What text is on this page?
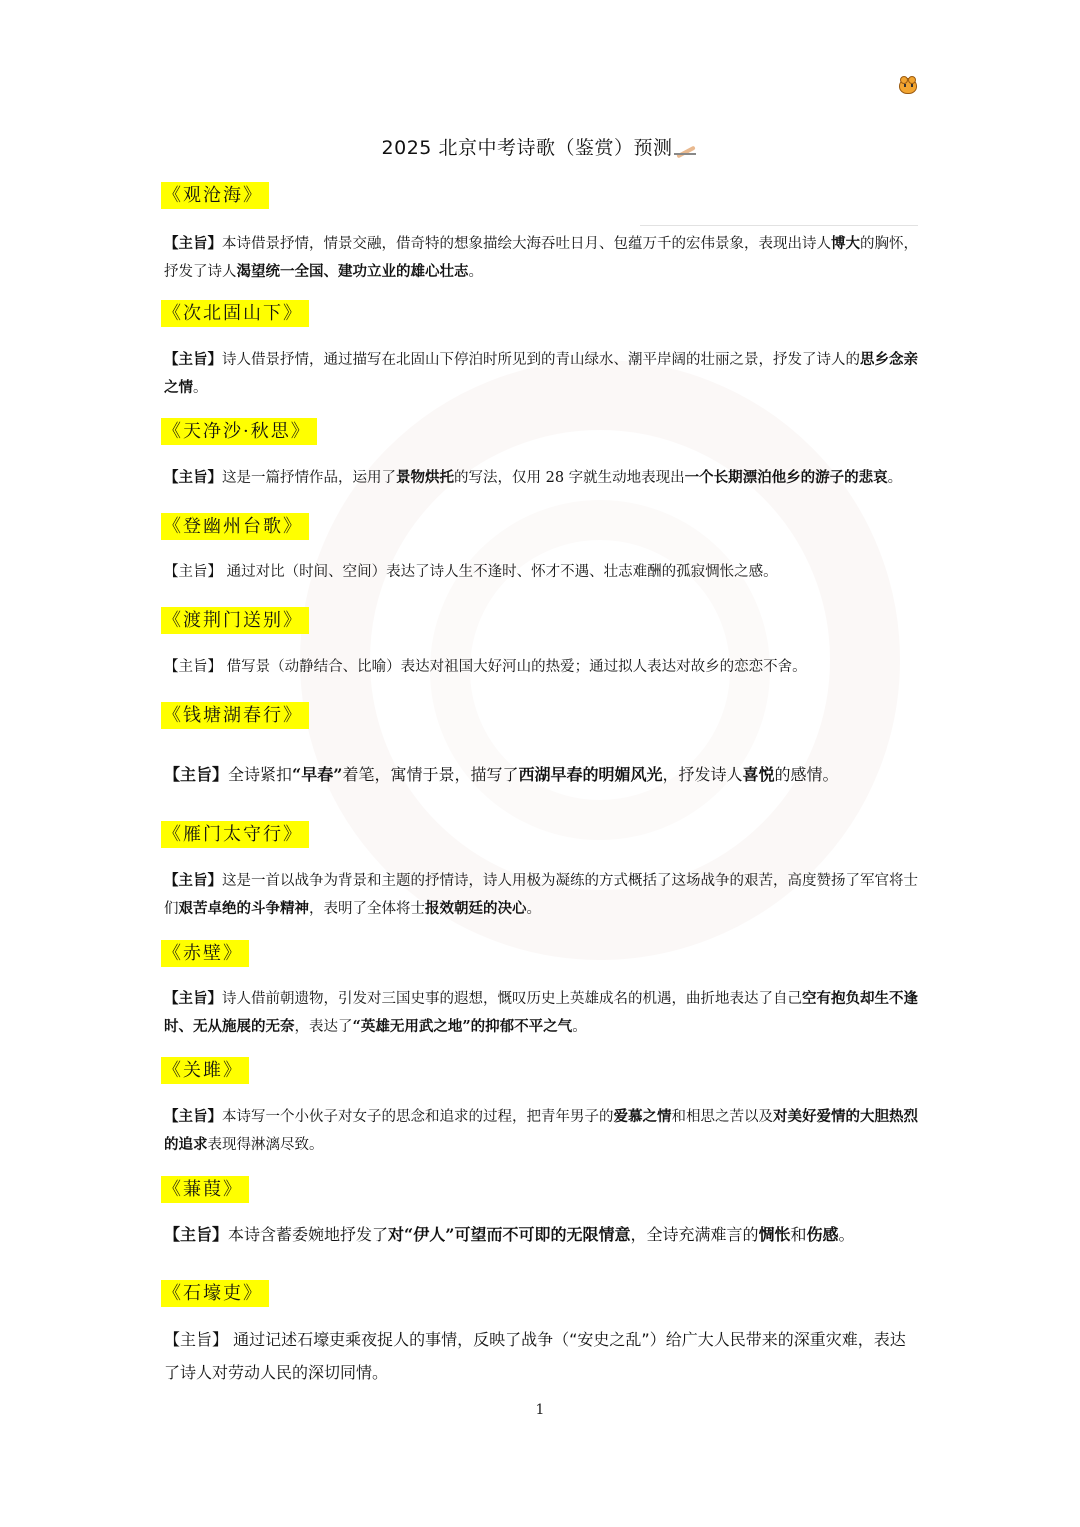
2025 北京中考诗歌（鉴赏）预测
《观沧海》
【主旨】本诗借景抒情，情景交融，借奇特的想象描绘大海吞吐日月、包蕴万千的宏伟景象，表现出诗人博大的胸怀，抒发了诗人渴望统一全国、建功立业的雄心壮志。
《次北固山下》
【主旨】诗人借景抒情，通过描写在北固山下停泊时所见到的青山绿水、潮平岸阔的壮丽之景，抒发了诗人的思乡念亲之情。
《天净沙·秋思》
【主旨】这是一篇抒情作品，运用了景物烘托的写法，仅用 28 字就生动地表现出一个长期漂泊他乡的游子的悲哀。
《登幽州台歌》
【主旨】 通过对比（时间、空间）表达了诗人生不逢时、怀才不遇、壮志难酬的孤寂惆怅之感。
《渡荆门送别》
【主旨】 借写景（动静结合、比喻）表达对祖国大好河山的热爱；通过拟人表达对故乡的恋恋不舍。
《钱塘湖春行》
【主旨】全诗紧扣“早春”着笔，寓情于景，描写了西湖早春的明媚风光，抒发诗人喜悦的感情。
《雁门太守行》
【主旨】这是一首以战争为背景和主题的抒情诗，诗人用极为凝练的方式概括了这场战争的艰苦，高度赞扬了军官将士们艰苦卓绝的斗争精神，表明了全体将士报效朝廷的决心。
《赤壁》
【主旨】诗人借前朝遗物，引发对三国史事的遐想，慨叹历史上英雄成名的机遇，曲折地表达了自己空有抱负却生不逢时、无从施展的无奈，表达了“英雄无用武之地”的抑郁不平之气。
《关雎》
【主旨】本诗写一个小伙子对女子的思念和追求的过程，把青年男子的爱慕之情和相思之苦以及对美好爱情的大胆热烈的追求表现得淋漓尽致。
《蒹葭》
【主旨】本诗含蓄委婉地抒发了对“伊人”可望而不可即的无限情意，全诗充满难言的惆怅和伤感。
《石壕吏》
【主旨】 通过记述石壕吏乘夜捉人的事情，反映了战争（“安史之乱”）给广大人民带来的深重灾难，表达了诗人对劳动人民的深切同情。
1
